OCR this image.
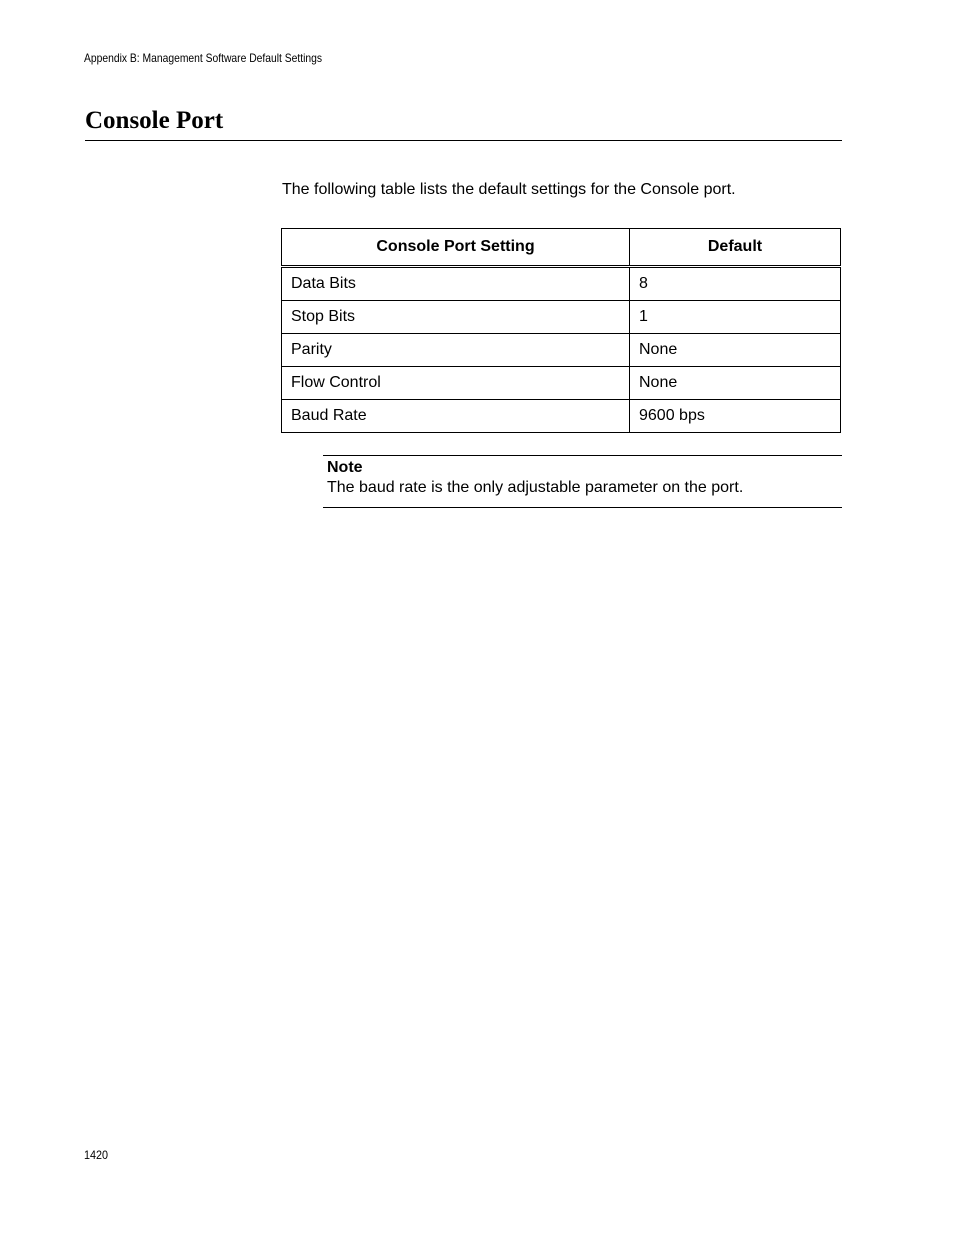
Appendix B: Management Software Default Settings
Console Port

The following table lists the default settings for the Console port.

Console Port Setting	Default
Data Bits	8
Stop Bits	1
Parity	None
Flow Control	None
Baud Rate	9600 bps
Note
The baud rate is the only adjustable parameter on the port.
1420
